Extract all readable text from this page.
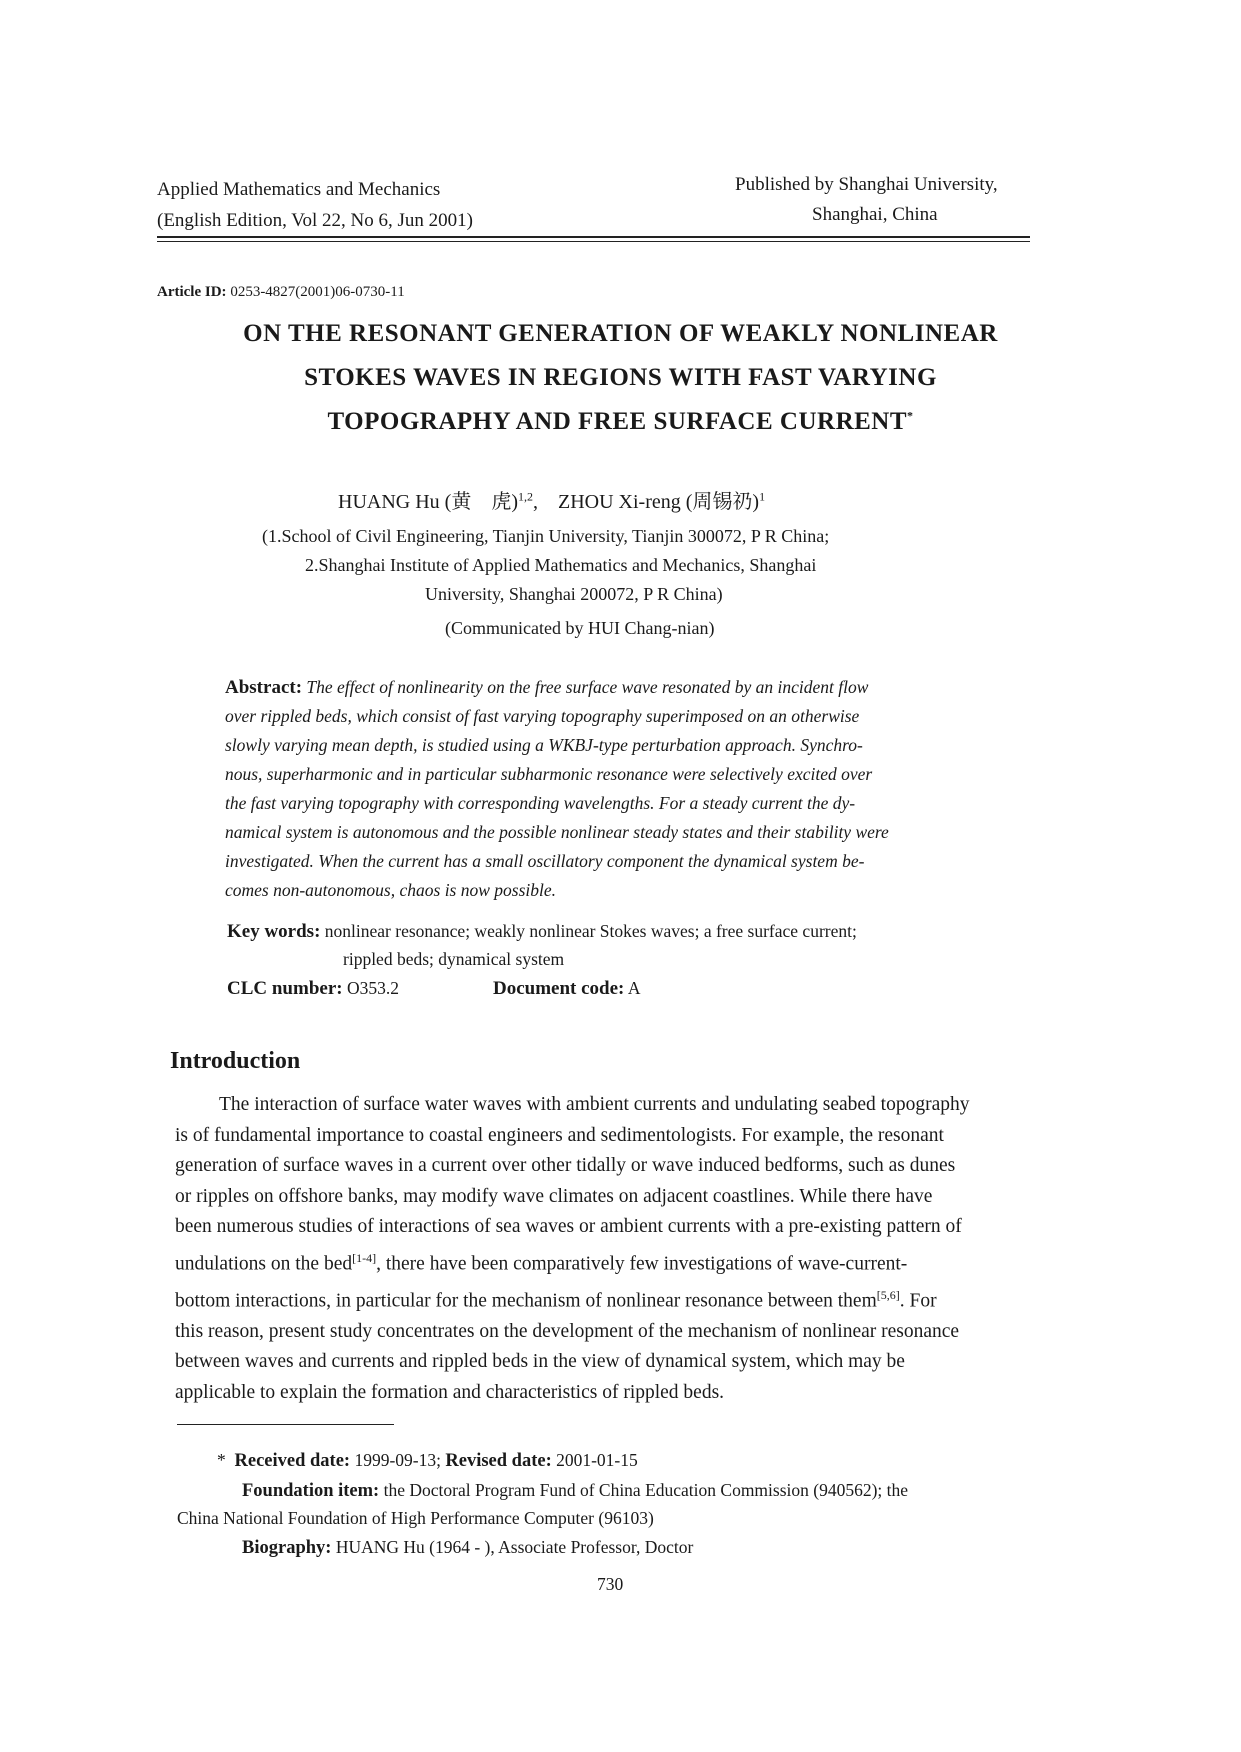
Applied Mathematics and Mechanics
(English Edition, Vol 22, No 6, Jun 2001)
Published by Shanghai University,
Shanghai, China
Article ID: 0253-4827(2001)06-0730-11
ON THE RESONANT GENERATION OF WEAKLY NONLINEAR
STOKES WAVES IN REGIONS WITH FAST VARYING
TOPOGRAPHY AND FREE SURFACE CURRENT*
HUANG Hu (黄　虎)$^{1,2}$, ZHOU Xi-reng (周锡礽)$^1$
(1.School of Civil Engineering, Tianjin University, Tianjin 300072, P R China;
2.Shanghai Institute of Applied Mathematics and Mechanics, Shanghai
University, Shanghai 200072, P R China)
(Communicated by HUI Chang-nian)
Abstract: The effect of nonlinearity on the free surface wave resonated by an incident flow
over rippled beds, which consist of fast varying topography superimposed on an otherwise
slowly varying mean depth, is studied using a WKBJ-type perturbation approach. Synchro-
nous, superharmonic and in particular subharmonic resonance were selectively excited over
the fast varying topography with corresponding wavelengths. For a steady current the dy-
namical system is autonomous and the possible nonlinear steady states and their stability were
investigated. When the current has a small oscillatory component the dynamical system be-
comes non-autonomous, chaos is now possible.
Key words: nonlinear resonance; weakly nonlinear Stokes waves; a free surface current;
rippled beds; dynamical system
CLC number: O353.2	Document code: A
Introduction
The interaction of surface water waves with ambient currents and undulating seabed topography
is of fundamental importance to coastal engineers and sedimentologists. For example, the resonant
generation of surface waves in a current over other tidally or wave induced bedforms, such as dunes
or ripples on offshore banks, may modify wave climates on adjacent coastlines. While there have
been numerous studies of interactions of sea waves or ambient currents with a pre-existing pattern of
undulations on the bed[1-4], there have been comparatively few investigations of wave-current-
bottom interactions, in particular for the mechanism of nonlinear resonance between them[5,6]. For
this reason, present study concentrates on the development of the mechanism of nonlinear resonance
between waves and currents and rippled beds in the view of dynamical system, which may be
applicable to explain the formation and characteristics of rippled beds.
* Received date: 1999-09-13; Revised date: 2001-01-15
Foundation item: the Doctoral Program Fund of China Education Commission (940562); the
China National Foundation of High Performance Computer (96103)
Biography: HUANG Hu (1964 - ), Associate Professor, Doctor
730
